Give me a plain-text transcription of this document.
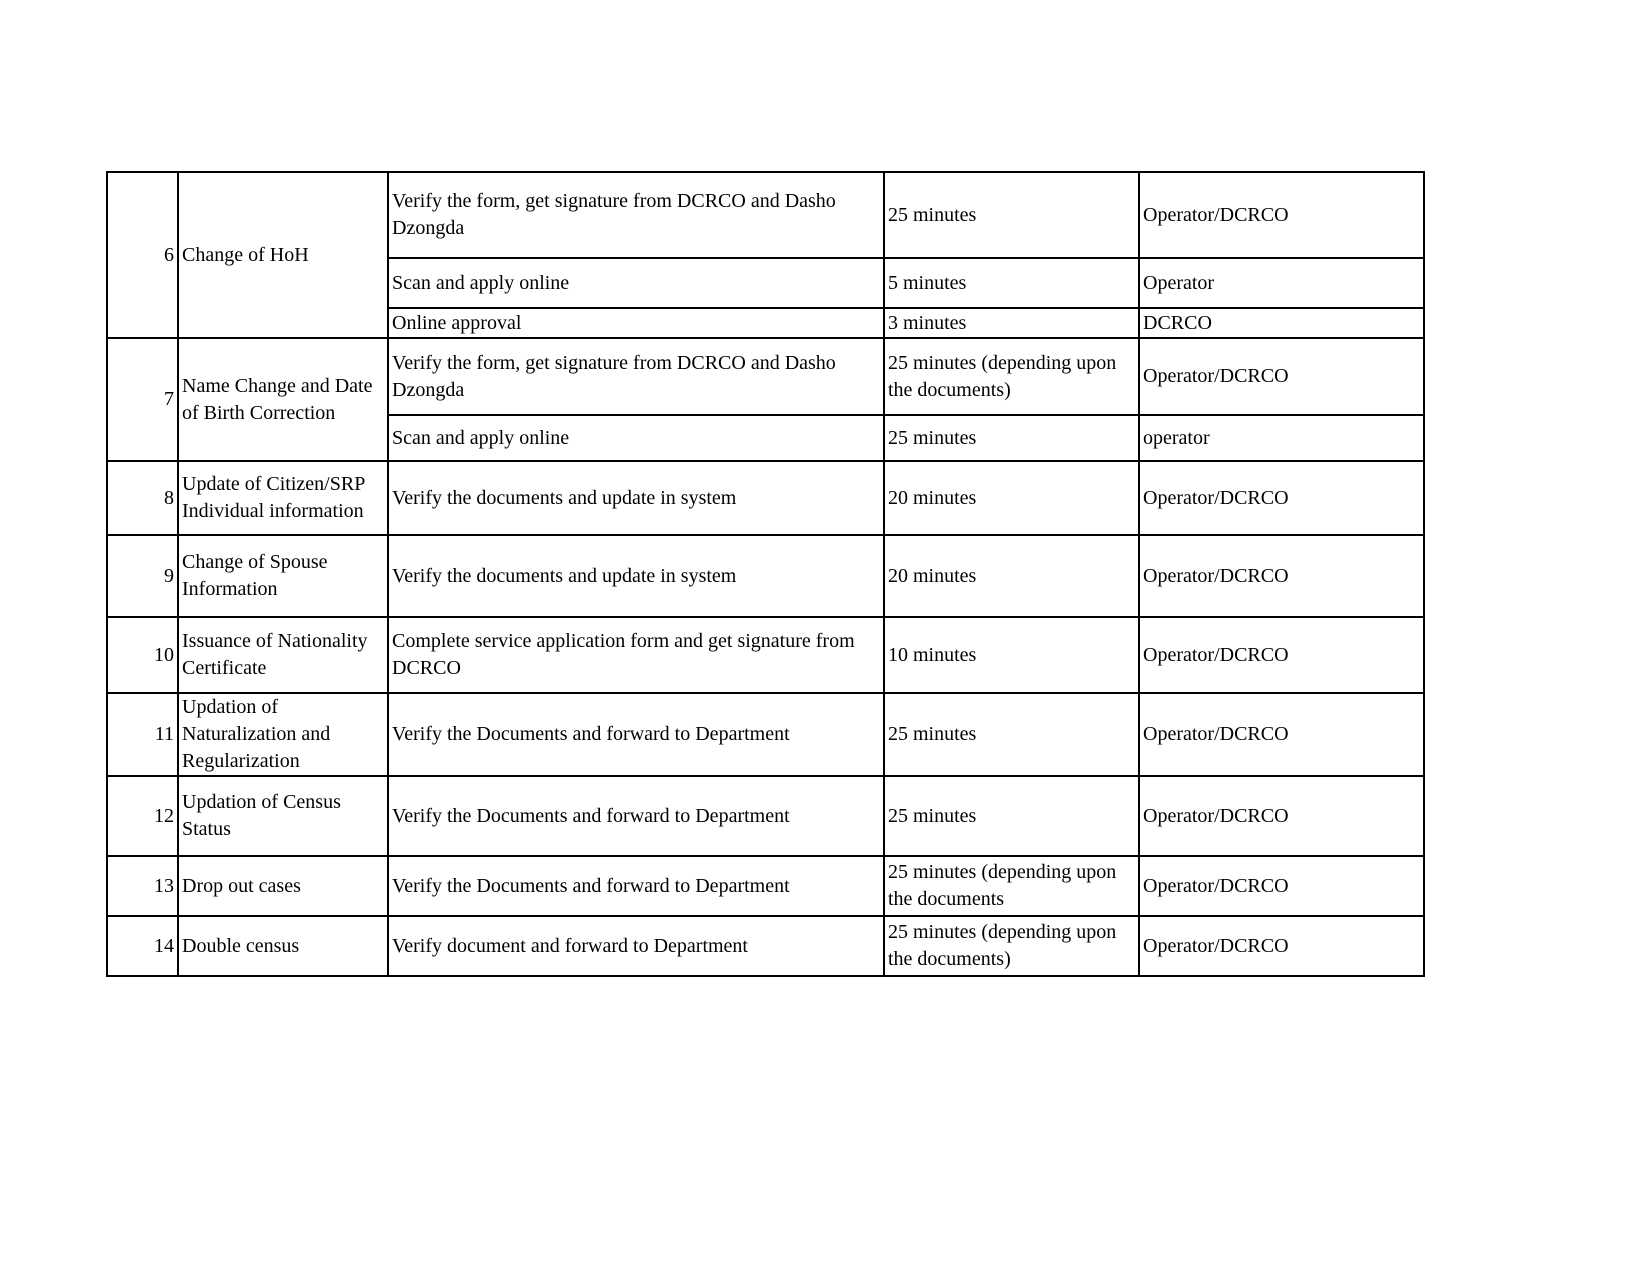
6	Change of HoH	Verify the form, get signature from DCRCO and Dasho Dzongda	25 minutes	Operator/DCRCO
		Scan and apply online	5 minutes	Operator
		Online approval	3 minutes	DCRCO
7	Name Change and Date of Birth Correction	Verify the form, get signature from DCRCO and Dasho Dzongda	25 minutes (depending upon the documents)	Operator/DCRCO
		Scan and apply online	25 minutes	operator
8	Update of Citizen/SRP Individual information	Verify the documents and update in system	20 minutes	Operator/DCRCO
9	Change of Spouse Information	Verify the documents and update in system	20 minutes	Operator/DCRCO
10	Issuance of Nationality Certificate	Complete service application form and get signature from DCRCO	10 minutes	Operator/DCRCO
11	Updation of Naturalization and Regularization	Verify the Documents and forward to Department	25 minutes	Operator/DCRCO
12	Updation of Census Status	Verify the Documents and forward to Department	25 minutes	Operator/DCRCO
13	Drop out cases	Verify the Documents and forward to Department	25 minutes (depending upon the documents	Operator/DCRCO
14	Double census	Verify document and forward to Department	25 minutes (depending upon the documents)	Operator/DCRCO
